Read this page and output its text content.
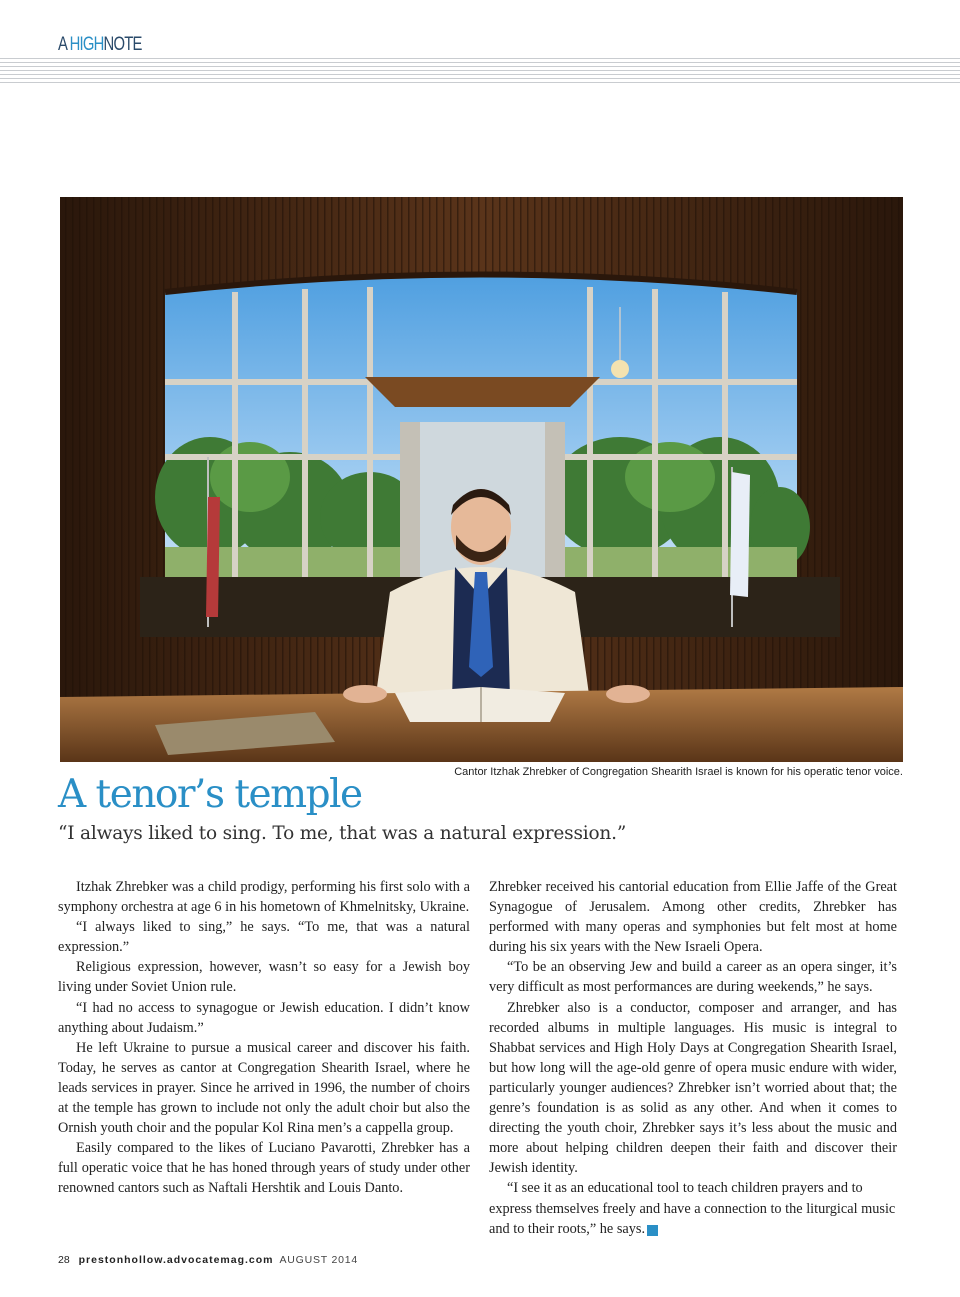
A HIGHNOTE
Cantor Itzhak Zhrebker of Congregation Shearith Israel is known for his operatic tenor voice.
A tenor’s temple
“I always liked to sing. To me, that was a natural expression.”

Itzhak Zhrebker was a child prodigy, performing his first solo with a symphony orchestra at age 6 in his hometown of Khmelnitsky, Ukraine.

“I always liked to sing,” he says. “To me, that was a natural expression.”

Religious expression, however, wasn’t so easy for a Jewish boy living under Soviet Union rule.

“I had no access to synagogue or Jewish education. I didn’t know anything about Judaism.”

He left Ukraine to pursue a musical career and discover his faith. Today, he serves as cantor at Congregation Shearith Israel, where he leads services in prayer. Since he arrived in 1996, the number of choirs at the temple has grown to include not only the adult choir but also the Ornish youth choir and the popular Kol Rina men’s a cappella group.

Easily compared to the likes of Luciano Pavarotti, Zhrebker has a full operatic voice that he has honed through years of study under other renowned cantors such as Naftali Hershtik and Louis Danto.

Zhrebker received his cantorial education from Ellie Jaffe of the Great Synagogue of Jerusalem. Among other credits, Zhrebker has performed with many operas and symphonies but felt most at home during his six years with the New Israeli Opera.

“To be an observing Jew and build a career as an opera singer, it’s very difficult as most performances are during weekends,” he says.

Zhrebker also is a conductor, composer and arranger, and has recorded albums in multiple languages. His music is integral to Shabbat services and High Holy Days at Congregation Shearith Israel, but how long will the age-old genre of opera music endure with wider, particularly younger audiences? Zhrebker isn’t worried about that; the genre’s foundation is as solid as any other. And when it comes to directing the youth choir, Zhrebker says it’s less about the music and more about helping children deepen their faith and discover their Jewish identity.

“I see it as an educational tool to teach children prayers and to express themselves freely and have a connection to the liturgical music and to their roots,” he says. a

28 prestonhollow.advocatemag.com AUGUST 2014
